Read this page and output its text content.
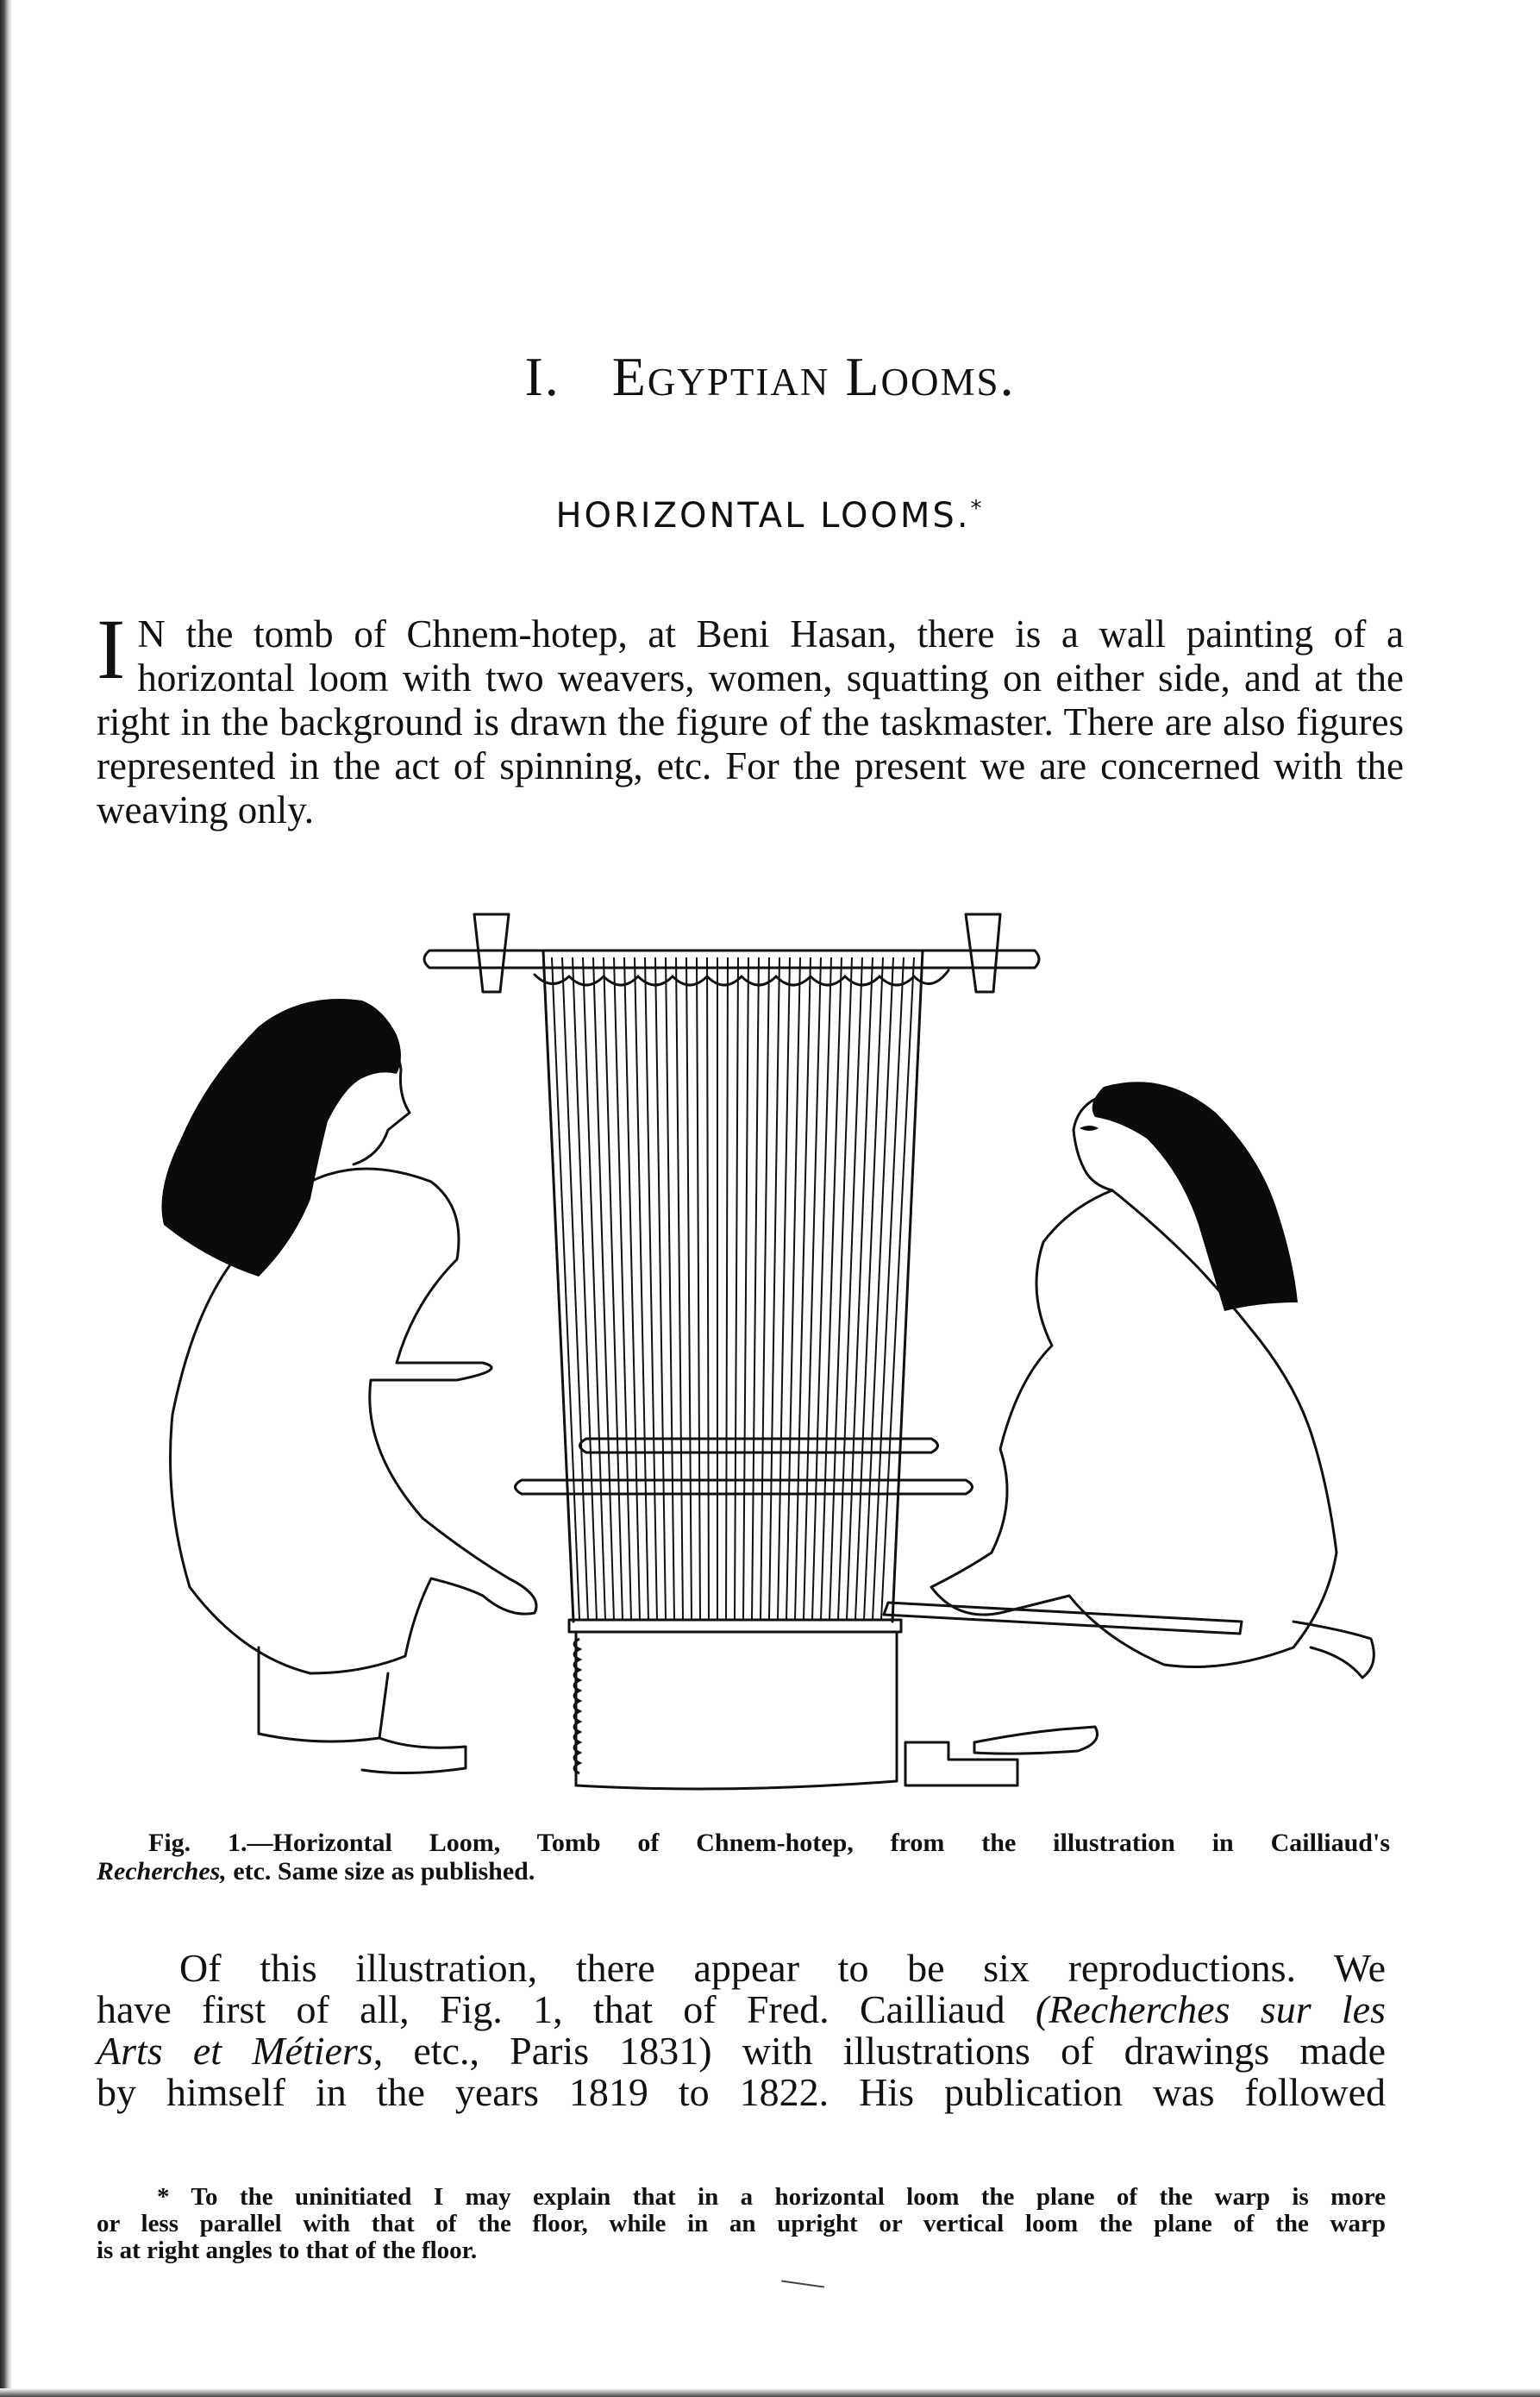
I. Egyptian Looms.
HORIZONTAL LOOMS.*
I N the tomb of Chnem-hotep, at Beni Hasan, there is a wall painting of a horizontal loom with two weavers, women, squatting on either side, and at the right in the background is drawn the figure of the taskmaster. There are also figures represented in the act of spinning, etc. For the present we are concerned with the weaving only.
Fig. 1.—Horizontal Loom, Tomb of Chnem-hotep, from the illustration in Cailliaud's
Recherches, etc. Same size as published.
Of this illustration, there appear to be six reproductions. We
have first of all, Fig. 1, that of Fred. Cailliaud (Recherches sur les
Arts et Métiers, etc., Paris 1831) with illustrations of drawings made
by himself in the years 1819 to 1822. His publication was followed
* To the uninitiated I may explain that in a horizontal loom the plane of the warp is more
or less parallel with that of the floor, while in an upright or vertical loom the plane of the warp
is at right angles to that of the floor.
